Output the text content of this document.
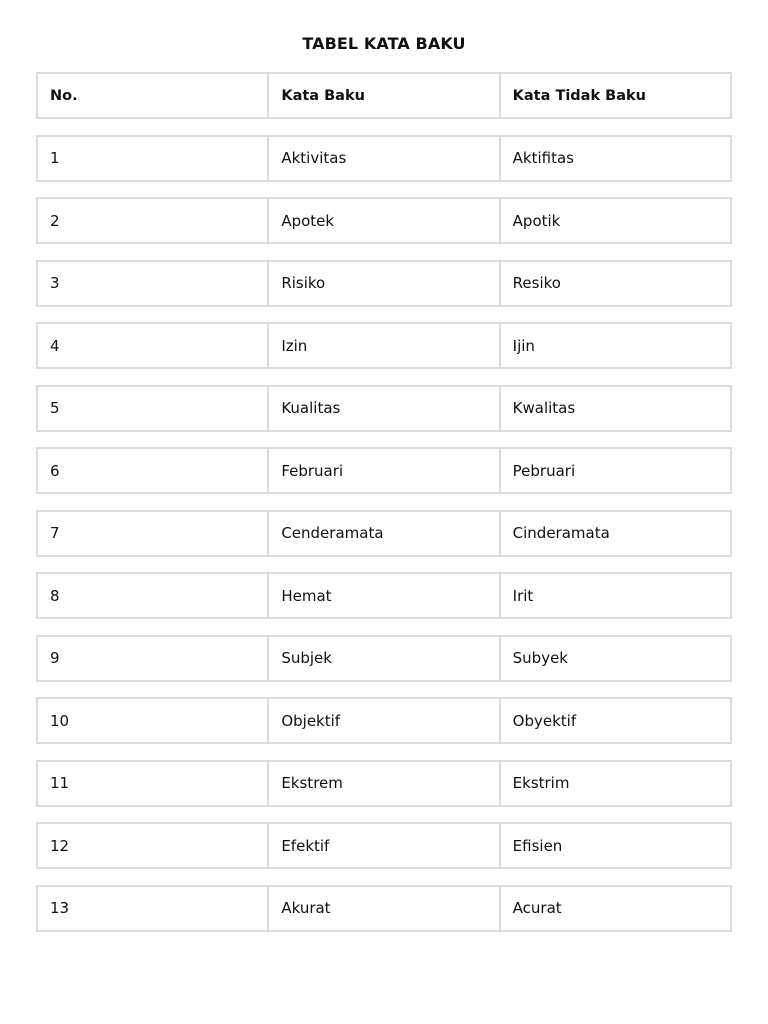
TABEL KATA BAKU
No.	Kata Baku	Kata Tidak Baku
1	Aktivitas	Aktifitas
2	Apotek	Apotik
3	Risiko	Resiko
4	Izin	Ijin
5	Kualitas	Kwalitas
6	Februari	Pebruari
7	Cenderamata	Cinderamata
8	Hemat	Irit
9	Subjek	Subyek
10	Objektif	Obyektif
11	Ekstrem	Ekstrim
12	Efektif	Efisien
13	Akurat	Acurat
